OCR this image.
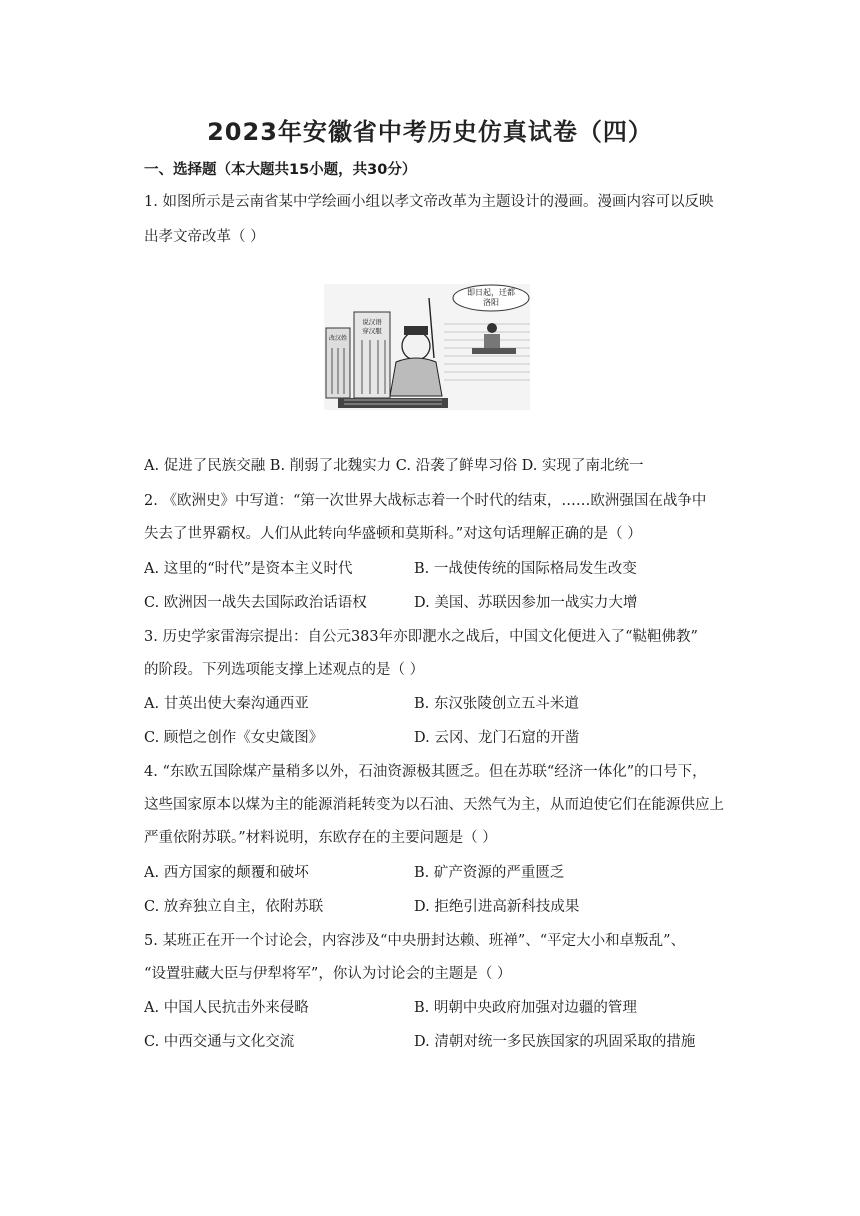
2023年安徽省中考历史仿真试卷（四）
一、选择题（本大题共15小题，共30分）
1. 如图所示是云南省某中学绘画小组以孝文帝改革为主题设计的漫画。漫画内容可以反映
出孝文帝改革（ ）
即日起，迁都
洛阳
改汉姓
说汉语
穿汉服
A. 促进了民族交融 B. 削弱了北魏实力 C. 沿袭了鲜卑习俗 D. 实现了南北统一
2. 《欧洲史》中写道：“第一次世界大战标志着一个时代的结束，……欧洲强国在战争中
失去了世界霸权。人们从此转向华盛顿和莫斯科。”对这句话理解正确的是（ ）
A. 这里的“时代”是资本主义时代	B. 一战使传统的国际格局发生改变
C. 欧洲因一战失去国际政治话语权	D. 美国、苏联因参加一战实力大增
3. 历史学家雷海宗提出：自公元383年亦即淝水之战后，中国文化便进入了“鞑靼佛教”
的阶段。下列选项能支撑上述观点的是（ ）
A. 甘英出使大秦沟通西亚	B. 东汉张陵创立五斗米道
C. 顾恺之创作《女史箴图》	D. 云冈、龙门石窟的开凿
4. “东欧五国除煤产量稍多以外，石油资源极其匮乏。但在苏联“经济一体化”的口号下，
这些国家原本以煤为主的能源消耗转变为以石油、天然气为主，从而迫使它们在能源供应上
严重依附苏联。”材料说明，东欧存在的主要问题是（ ）
A. 西方国家的颠覆和破坏	B. 矿产资源的严重匮乏
C. 放弃独立自主，依附苏联	D. 拒绝引进高新科技成果
5. 某班正在开一个讨论会，内容涉及“中央册封达赖、班禅”、“平定大小和卓叛乱”、
“设置驻藏大臣与伊犁将军”，你认为讨论会的主题是（ ）
A. 中国人民抗击外来侵略	B. 明朝中央政府加强对边疆的管理
C. 中西交通与文化交流	D. 清朝对统一多民族国家的巩固采取的措施
